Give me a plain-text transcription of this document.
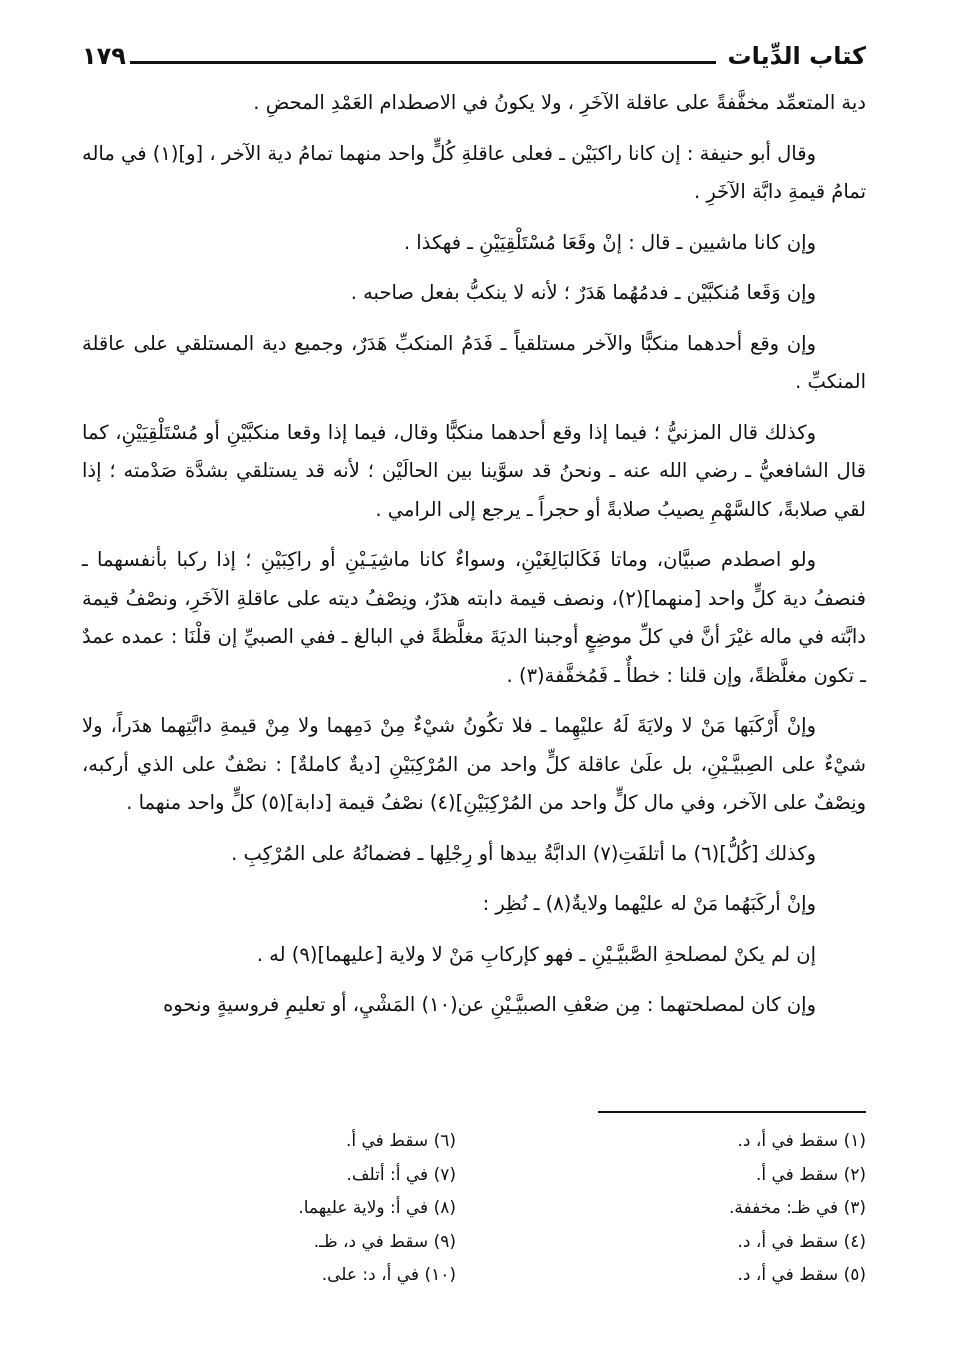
كتاب الدِّيات
١٧٩

دية المتعمِّد مخفَّفةً على عاقلة الآخَرِ ، ولا يكونُ في الاصطدام العَمْدِ المحضِ .

وقال أبو حنيفة : إن كانا راكبَيْن ـ فعلى عاقلةِ كُلٍّ واحد منهما تمامُ دية الآخر ، [و](١) في ماله تمامُ قيمةِ دابَّة الآخَرِ .

وإن كانا ماشيين ـ قال : إنْ وقَعَا مُسْتَلْقِيَيْنِ ـ فهكذا .

وإن وَقَعا مُنكبَّيْن ـ فدمُهُما هَدَرٌ ؛ لأنه لا ينكبُّ بفعل صاحبه .

وإن وقع أحدهما منكبًّا والآخر مستلقياً ـ فَدَمُ المنكبِّ هَدَرٌ، وجميع دية المستلقي على عاقلة المنكبِّ .

وكذلك قال المزنيُّ ؛ فيما إذا وقع أحدهما منكبًّا وقال، فيما إذا وقعا منكبَّيْنِ أو مُسْتَلْقِيَيْنِ، كما قال الشافعيُّ ـ رضي الله عنه ـ ونحنُ قد سوَّينا بين الحالَيْن ؛ لأنه قد يستلقي بشدَّة صَدْمته ؛ إذا لقي صلابةً، كالسَّهْمِ يصيبُ صلابةً أو حجراً ـ يرجع إلى الرامي .

ولو اصطدم صبيَّان، وماتا فَكَالبَالِغَيْنِ، وسواءٌ كانا ماشِيَـيْنِ أو راكِبَيْنِ ؛ إذا ركبا بأنفسهما ـ فنصفُ دية كلٍّ واحد [منهما](٢)، ونصف قيمة دابته هدَرٌ، ونِصْفُ ديته على عاقلةِ الآخَرِ، ونصْفُ قيمة دابَّته في ماله غيْرَ أنَّ في كلِّ موضِعٍ أوجبنا الديَةَ مغلَّظةً في البالغ ـ ففي الصبيِّ إن قلْنَا : عمده عمدٌ ـ تكون مغلَّظةً، وإن قلنا : خطأٌ ـ فَمُخفَّفة(٣) .

وإنْ أَرْكَبَها مَنْ لا ولايَةَ لَهُ عليْهِما ـ فلا تكُونُ شيْءٌ مِنْ دَمِهما ولا مِنْ قيمةِ دابَّتِهما هدَراً، ولا شيْءٌ على الصِبيَّـيْنِ، بل علَىٰ عاقلة كلٍّ واحد من المُرْكِبَيْنِ [ديةٌ كاملةٌ] : نصْفٌ على الذي أركبه، ونِصْفٌ على الآخر، وفي مال كلٍّ واحد من المُرْكِبَيْنِ](٤) نصْفُ قيمة [دابة](٥) كلٍّ واحد منهما .

وكذلك [كُلُّ](٦) ما أتلفَتِ(٧) الدابَّةُ بيدها أو رِجْلِها ـ فضمانُهُ على المُرْكِبِ .

وإنْ أركَبَهُما مَنْ له عليْهما ولايةٌ(٨) ـ نُظِر :

إن لم يكنْ لمصلحةِ الصَّبيَّـيْنِ ـ فهو كإركابِ مَنْ لا ولاية [عليهما](٩) له .

وإن كان لمصلحتهما : مِن ضعْفِ الصبيَّـيْنِ عن(١٠) المَشْيِ، أو تعليمِ فروسيةٍ ونحوه

(١) سقط في أ، د.
(٢) سقط في أ.
(٣) في ظـ: مخففة.
(٤) سقط في أ، د.
(٥) سقط في أ، د.
(٦) سقط في أ.
(٧) في أ: أتلف.
(٨) في أ: ولاية عليهما.
(٩) سقط في د، ظـ.
(١٠) في أ، د: على.
